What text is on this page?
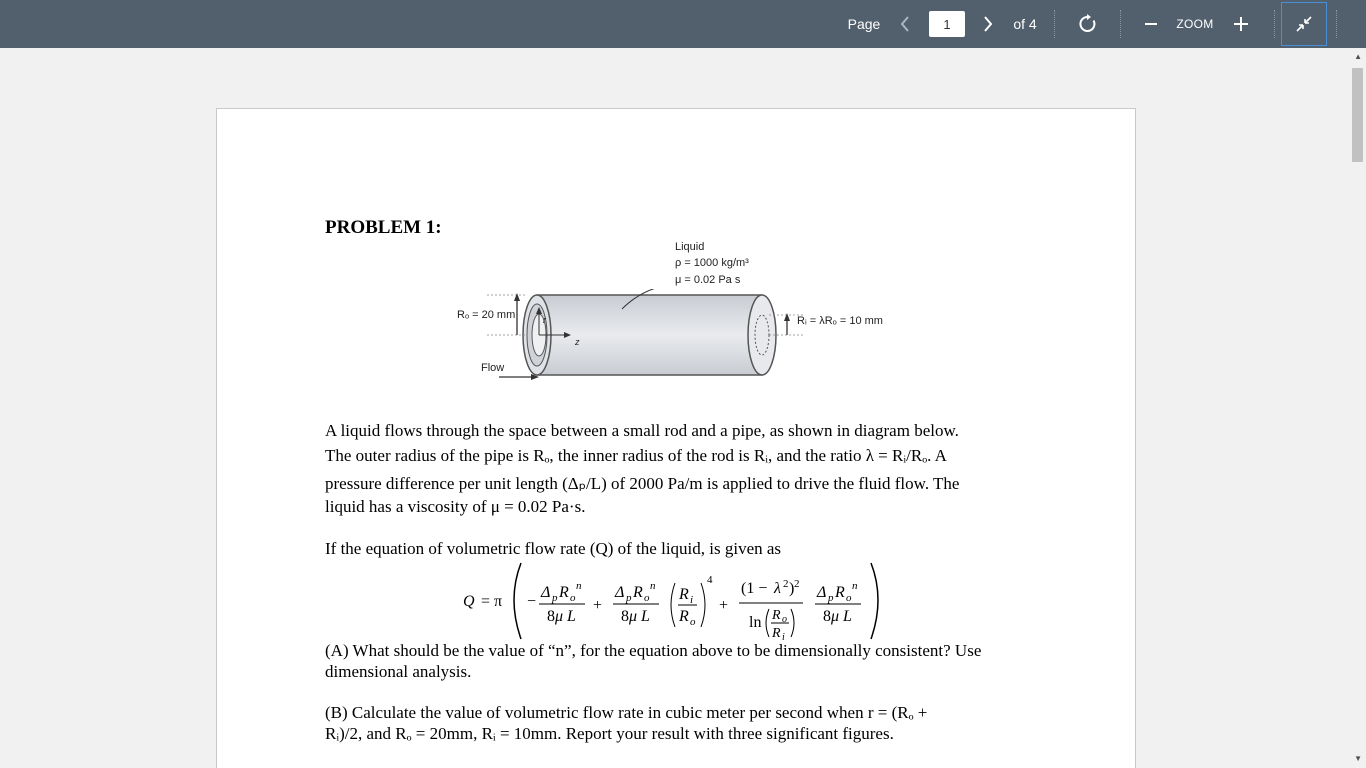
Page
1	of 4	ZOOM
PROBLEM 1:
Liquid
ρ = 1000 kg/m³
μ = 0.02 Pa s
Rₒ = 20 mm	Rᵢ = λRₒ = 10 mm
Flow
r
z
A liquid flows through the space between a small rod and a pipe, as shown in diagram below.
The outer radius of the pipe is Rₒ, the inner radius of the rod is Rᵢ, and the ratio λ = Rᵢ/Rₒ. A
pressure difference per unit length (Δₚ/L) of 2000 Pa/m is applied to drive the fluid flow. The
liquid has a viscosity of μ = 0.02 Pa·s.
If the equation of volumetric flow rate (Q) of the liquid, is given as
Q = π −
Δ p R o
n
8 μ L
+
Δ p R o
n
8 μ L
R i
R o
4
+
(1 − λ 2 ) 2
ln R o
R i
Δ p R o
n
8 μ L
(A) What should be the value of “n”, for the equation above to be dimensionally consistent? Use
dimensional analysis.
(B) Calculate the value of volumetric flow rate in cubic meter per second when r = (Rₒ +
Rᵢ)/2, and Rₒ = 20mm, Rᵢ = 10mm. Report your result with three significant figures.
▲
▼
